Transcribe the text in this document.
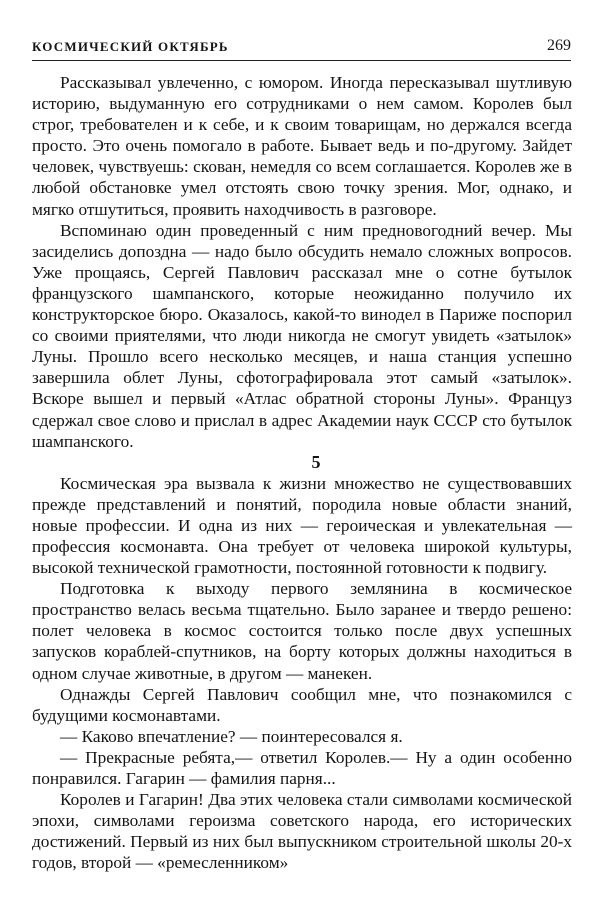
КОСМИЧЕСКИЙ ОКТЯБРЬ	269

Рассказывал увлеченно, с юмором. Иногда пересказывал шутливую историю, выдуманную его сотрудниками о нем самом. Королев был строг, требователен и к себе, и к своим товарищам, но держался всегда просто. Это очень помогало в работе. Бывает ведь и по-другому. Зайдет человек, чувствуешь: скован, немедля со всем соглашается. Королев же в любой обстановке умел отстоять свою точку зрения. Мог, однако, и мягко отшутиться, проявить находчивость в разговоре.

Вспоминаю один проведенный с ним предновогодний вечер. Мы засиделись допоздна — надо было обсудить немало сложных вопросов. Уже прощаясь, Сергей Павлович рассказал мне о сотне бутылок французского шампанского, которые неожиданно получило их конструкторское бюро. Оказалось, какой-то винодел в Париже поспорил со своими приятелями, что люди никогда не смогут увидеть «затылок» Луны. Прошло всего несколько месяцев, и наша станция успешно завершила облет Луны, сфотографировала этот самый «затылок». Вскоре вышел и первый «Атлас обратной стороны Луны». Француз сдержал свое слово и прислал в адрес Академии наук СССР сто бутылок шампанского.

5

Космическая эра вызвала к жизни множество не существовавших прежде представлений и понятий, породила новые области знаний, новые профессии. И одна из них — героическая и увлекательная — профессия космонавта. Она требует от человека широкой культуры, высокой технической грамотности, постоянной готовности к подвигу.

Подготовка к выходу первого землянина в космическое пространство велась весьма тщательно. Было заранее и твердо решено: полет человека в космос состоится только после двух успешных запусков кораблей-спутников, на борту которых должны находиться в одном случае животные, в другом — манекен.

Однажды Сергей Павлович сообщил мне, что познакомился с будущими космонавтами.

— Каково впечатление? — поинтересовался я.

— Прекрасные ребята,— ответил Королев.— Ну а один особенно понравился. Гагарин — фамилия парня...

Королев и Гагарин! Два этих человека стали символами космической эпохи, символами героизма советского народа, его исторических достижений. Первый из них был выпускником строительной школы 20-х годов, второй — «ремесленником»
